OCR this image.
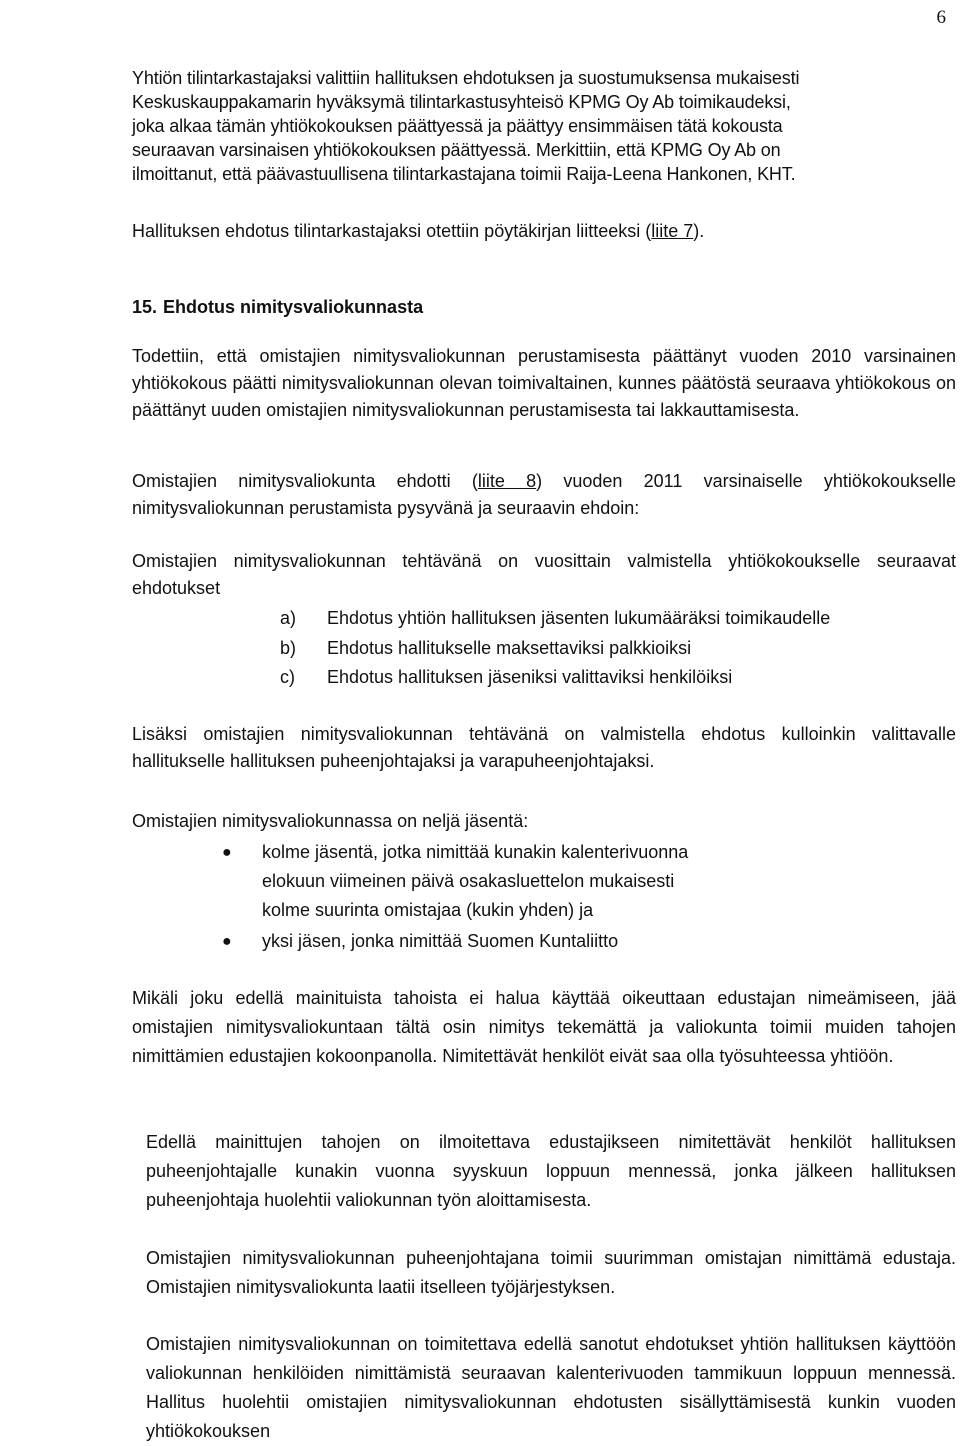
6
Yhtiön tilintarkastajaksi valittiin hallituksen ehdotuksen ja suostumuksensa mukaisesti
Keskuskauppakamarin hyväksymä tilintarkastusyhteisö KPMG Oy Ab toimikaudeksi,
joka alkaa tämän yhtiökokouksen päättyessä ja päättyy ensimmäisen tätä kokousta
seuraavan varsinaisen yhtiökokouksen päättyessä. Merkittiin, että KPMG Oy Ab on
ilmoittanut, että päävastuullisena tilintarkastajana toimii Raija-Leena Hankonen, KHT.

Hallituksen ehdotus tilintarkastajaksi otettiin pöytäkirjan liitteeksi (liite 7).

15. Ehdotus nimitysvaliokunnasta

Todettiin, että omistajien nimitysvaliokunnan perustamisesta päättänyt vuoden 2010 varsinainen yhtiökokous päätti nimitysvaliokunnan olevan toimivaltainen, kunnes päätöstä seuraava yhtiökokous on päättänyt uuden omistajien nimitysvaliokunnan perustamisesta tai lakkauttamisesta.

Omistajien nimitysvaliokunta ehdotti (liite 8) vuoden 2011 varsinaiselle yhtiökokoukselle nimitysvaliokunnan perustamista pysyvänä ja seuraavin ehdoin:

Omistajien nimitysvaliokunnan tehtävänä on vuosittain valmistella yhtiökokoukselle seuraavat ehdotukset

a)	Ehdotus yhtiön hallituksen jäsenten lukumääräksi toimikaudelle
b)	Ehdotus hallitukselle maksettaviksi palkkioiksi
c)	Ehdotus hallituksen jäseniksi valittaviksi henkilöiksi

Lisäksi omistajien nimitysvaliokunnan tehtävänä on valmistella ehdotus kulloinkin valittavalle hallitukselle hallituksen puheenjohtajaksi ja varapuheenjohtajaksi.

Omistajien nimitysvaliokunnassa on neljä jäsentä:

●	kolme jäsentä, jotka nimittää kunakin kalenterivuonna elokuun viimeinen päivä osakasluettelon mukaisesti kolme suurinta omistajaa (kukin yhden) ja
●	yksi jäsen, jonka nimittää Suomen Kuntaliitto

Mikäli joku edellä mainituista tahoista ei halua käyttää oikeuttaan edustajan nimeämiseen, jää omistajien nimitysvaliokuntaan tältä osin nimitys tekemättä ja valiokunta toimii muiden tahojen nimittämien edustajien kokoonpanolla. Nimitettävät henkilöt eivät saa olla työsuhteessa yhtiöön.

Edellä mainittujen tahojen on ilmoitettava edustajikseen nimitettävät henkilöt hallituksen puheenjohtajalle kunakin vuonna syyskuun loppuun mennessä, jonka jälkeen hallituksen puheenjohtaja huolehtii valiokunnan työn aloittamisesta.

Omistajien nimitysvaliokunnan puheenjohtajana toimii suurimman omistajan nimittämä edustaja. Omistajien nimitysvaliokunta laatii itselleen työjärjestyksen.

Omistajien nimitysvaliokunnan on toimitettava edellä sanotut ehdotukset yhtiön hallituksen käyttöön valiokunnan henkilöiden nimittämistä seuraavan kalenterivuoden tammikuun loppuun mennessä. Hallitus huolehtii omistajien nimitysvaliokunnan ehdotusten sisällyttämisestä kunkin vuoden yhtiökokouksen
